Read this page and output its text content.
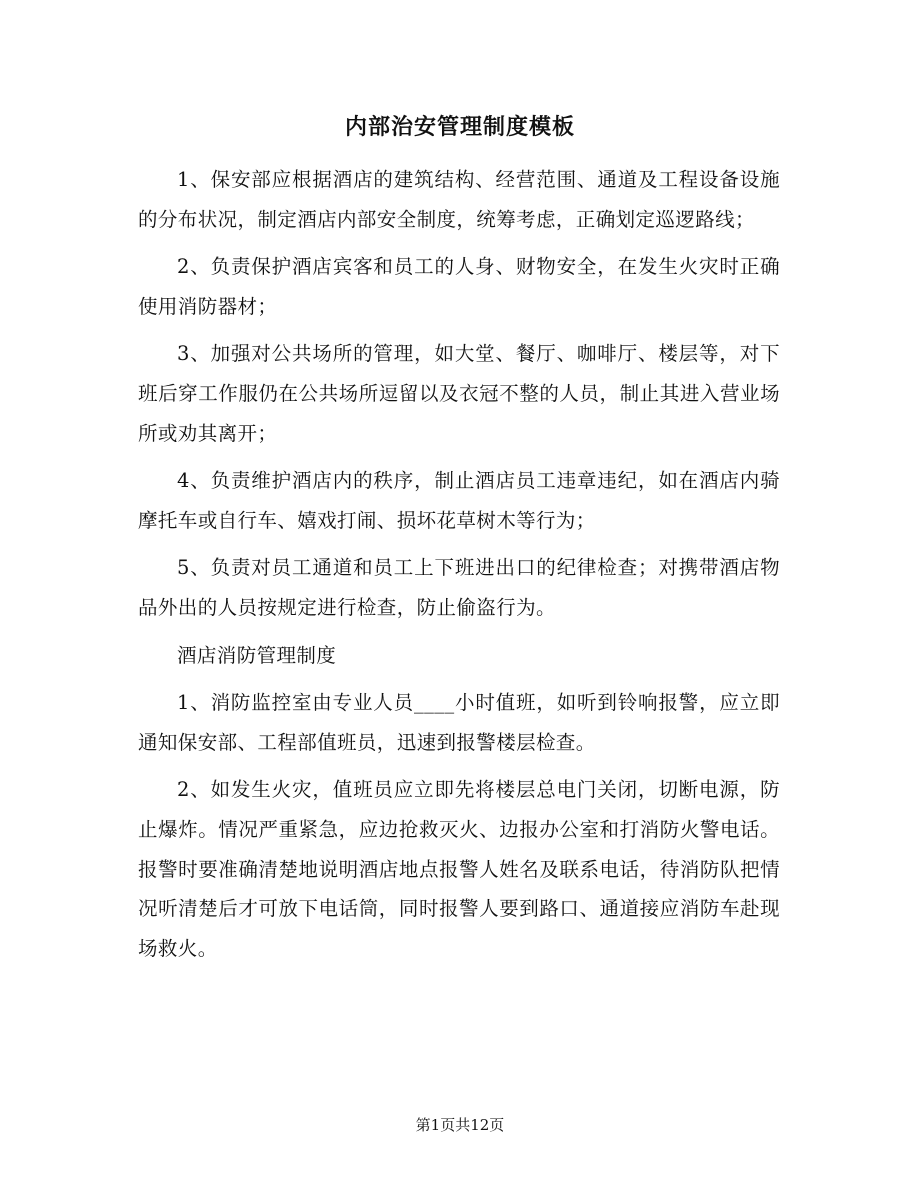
内部治安管理制度模板

1、保安部应根据酒店的建筑结构、经营范围、通道及工程设备设施的分布状况，制定酒店内部安全制度，统筹考虑，正确划定巡逻路线；

2、负责保护酒店宾客和员工的人身、财物安全，在发生火灾时正确使用消防器材；

3、加强对公共场所的管理，如大堂、餐厅、咖啡厅、楼层等，对下班后穿工作服仍在公共场所逗留以及衣冠不整的人员，制止其进入营业场所或劝其离开；

4、负责维护酒店内的秩序，制止酒店员工违章违纪，如在酒店内骑摩托车或自行车、嬉戏打闹、损坏花草树木等行为；

5、负责对员工通道和员工上下班进出口的纪律检查；对携带酒店物品外出的人员按规定进行检查，防止偷盗行为。

酒店消防管理制度

1、消防监控室由专业人员____小时值班，如听到铃响报警，应立即通知保安部、工程部值班员，迅速到报警楼层检查。

2、如发生火灾，值班员应立即先将楼层总电门关闭，切断电源，防止爆炸。情况严重紧急，应边抢救灭火、边报办公室和打消防火警电话。报警时要准确清楚地说明酒店地点报警人姓名及联系电话，待消防队把情况听清楚后才可放下电话筒，同时报警人要到路口、通道接应消防车赴现场救火。

第1页共12页
